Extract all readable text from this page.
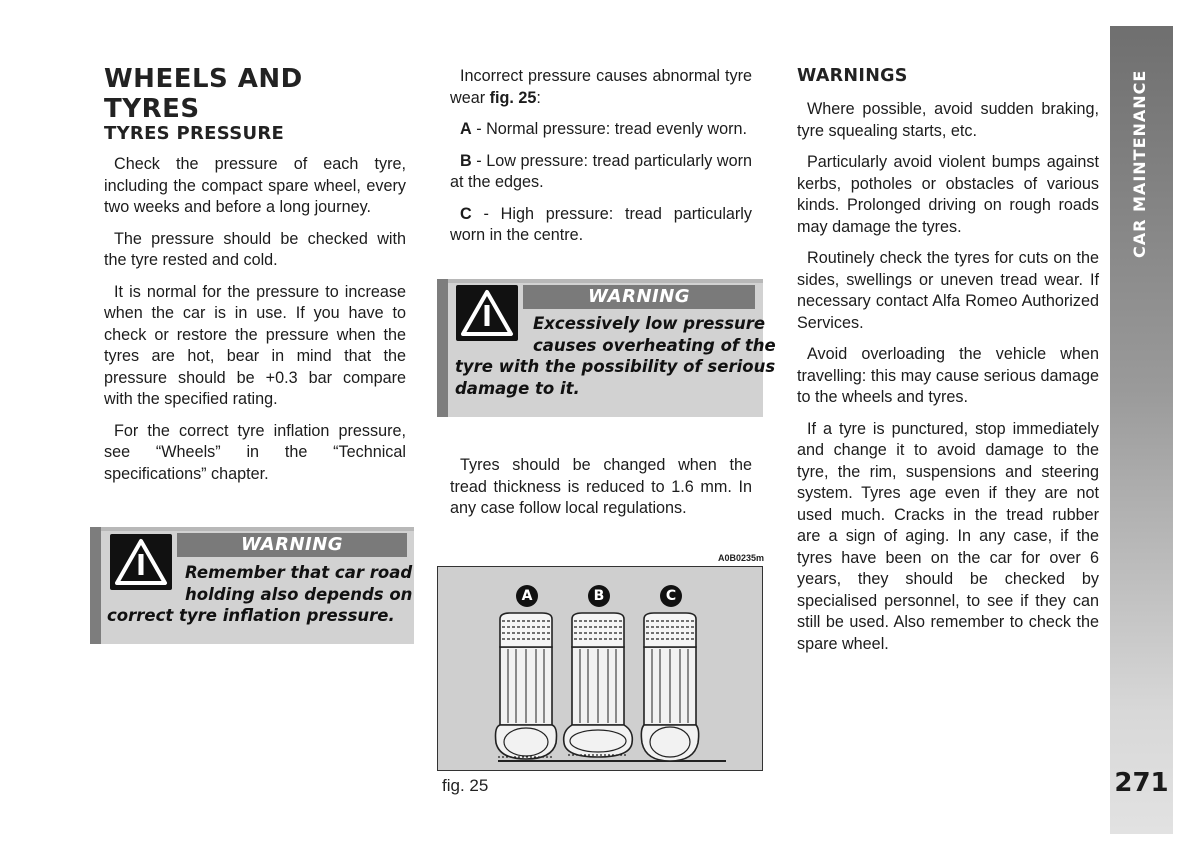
WHEELS AND TYRES
TYRES PRESSURE

Check the pressure of each tyre, including the compact spare wheel, every two weeks and before a long journey.

The pressure should be checked with the tyre rested and cold.

It is normal for the pressure to increase when the car is in use. If you have to check or restore the pressure when the tyres are hot, bear in mind that the pressure should be +0.3 bar compare with the specified rating.

For the correct tyre inflation pressure, see “Wheels” in the “Technical specifications” chapter.

WARNING
Remember that car road
holding also depends on
correct tyre inflation pressure.

Incorrect pressure causes abnormal tyre wear fig. 25:

A - Normal pressure: tread evenly worn.

B - Low pressure: tread particularly worn at the edges.

C - High pressure: tread particularly worn in the centre.

Tyres should be changed when the tread thickness is reduced to 1.6 mm. In any case follow local regulations.

WARNING
Excessively low pressure
causes overheating of the
tyre with the possibility of serious
damage to it.
A0B0235m
A	B	C
fig. 25
WARNINGS

Where possible, avoid sudden braking, tyre squealing starts, etc.

Particularly avoid violent bumps against kerbs, potholes or obstacles of various kinds. Prolonged driving on rough roads may damage the tyres.

Routinely check the tyres for cuts on the sides, swellings or uneven tread wear. If necessary contact Alfa Romeo Authorized Services.

Avoid overloading the vehicle when travelling: this may cause serious damage to the wheels and tyres.

If a tyre is punctured, stop immediately and change it to avoid damage to the tyre, the rim, suspensions and steering system. Tyres age even if they are not used much. Cracks in the tread rubber are a sign of aging. In any case, if the tyres have been on the car for over 6 years, they should be checked by specialised personnel, to see if they can still be used. Also remember to check the spare wheel.

CAR MAINTENANCE
271
